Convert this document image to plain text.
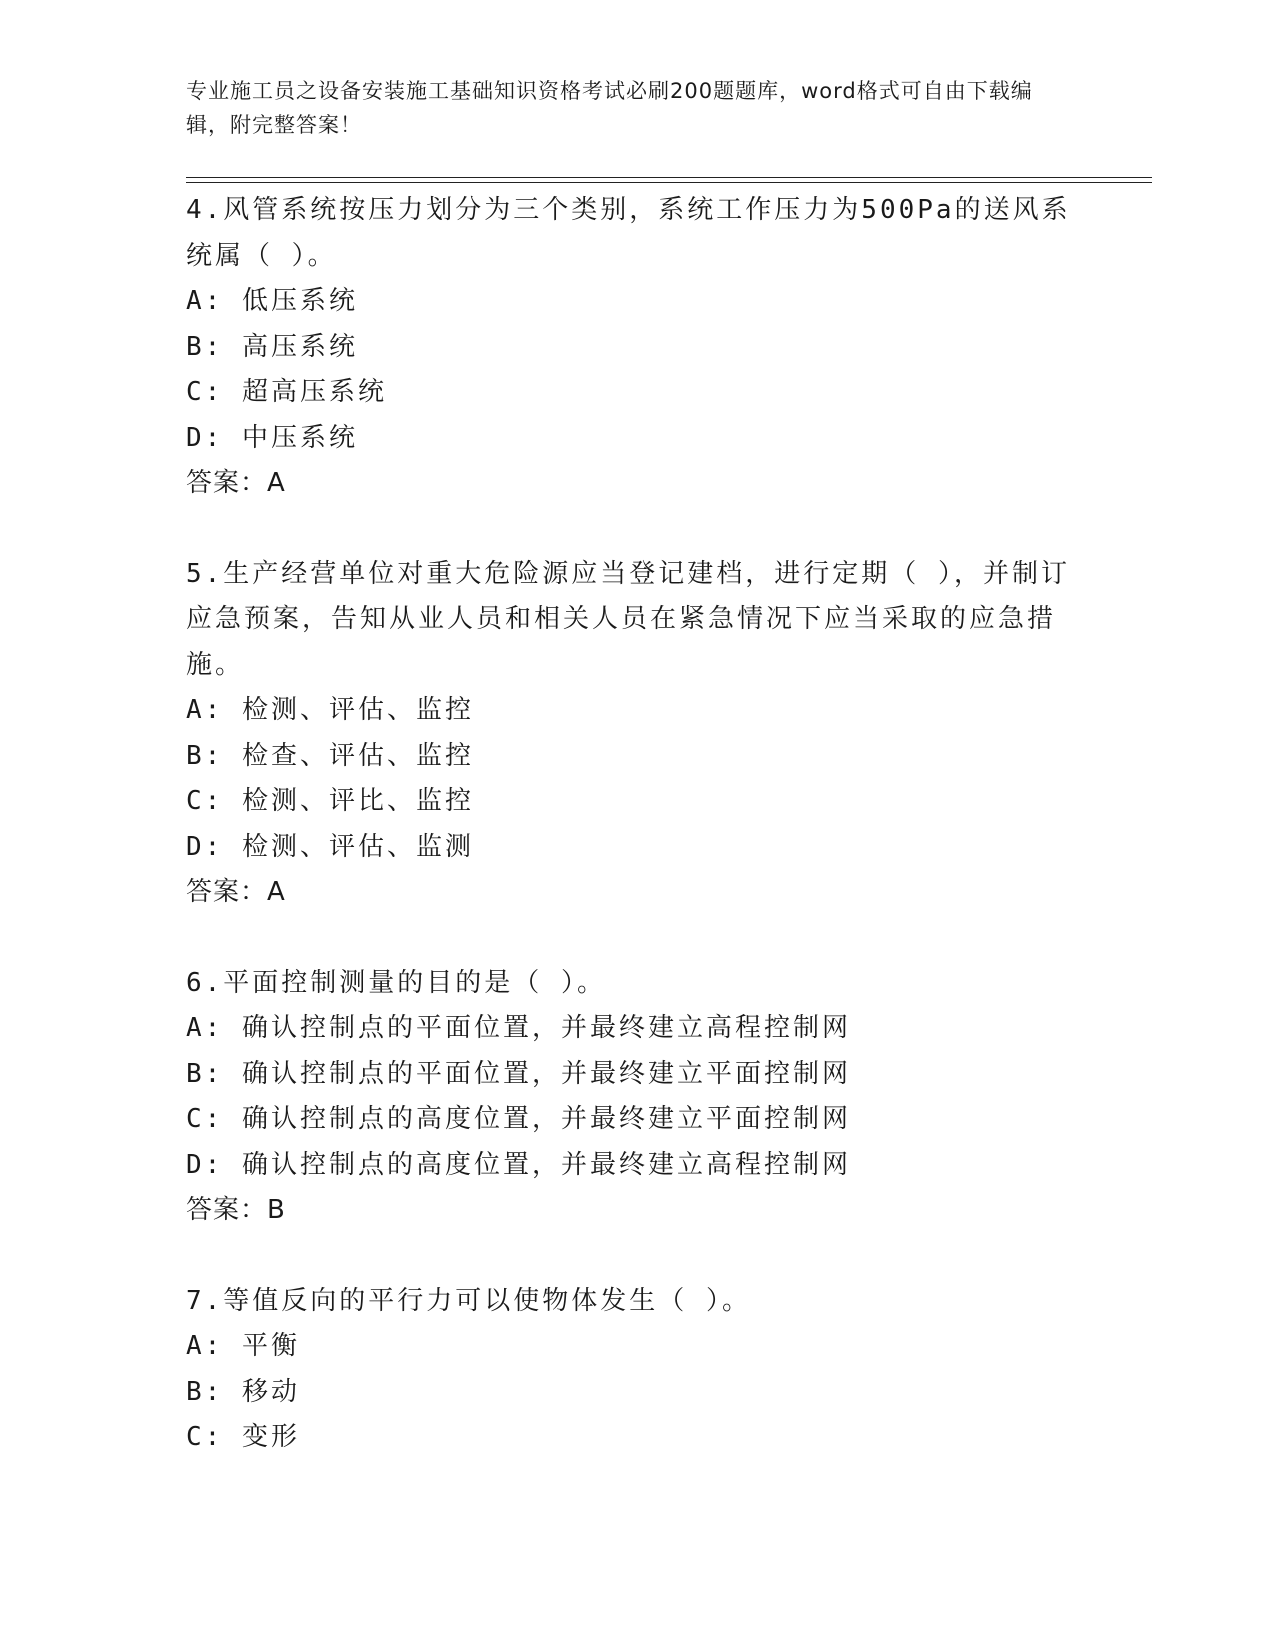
专业施工员之设备安装施工基础知识资格考试必刷200题题库，word格式可自由下载编辑，附完整答案！

4.风管系统按压力划分为三个类别，系统工作压力为500Pa的送风系统属（ ）。

A: 低压系统

B: 高压系统

C: 超高压系统

D: 中压系统

答案：A

5.生产经营单位对重大危险源应当登记建档，进行定期（ ），并制订应急预案，告知从业人员和相关人员在紧急情况下应当采取的应急措施。

A: 检测、评估、监控

B: 检查、评估、监控

C: 检测、评比、监控

D: 检测、评估、监测

答案：A

6.平面控制测量的目的是（ ）。

A: 确认控制点的平面位置，并最终建立高程控制网

B: 确认控制点的平面位置，并最终建立平面控制网

C: 确认控制点的高度位置，并最终建立平面控制网

D: 确认控制点的高度位置，并最终建立高程控制网

答案：B

7.等值反向的平行力可以使物体发生（ ）。

A: 平衡

B: 移动

C: 变形
